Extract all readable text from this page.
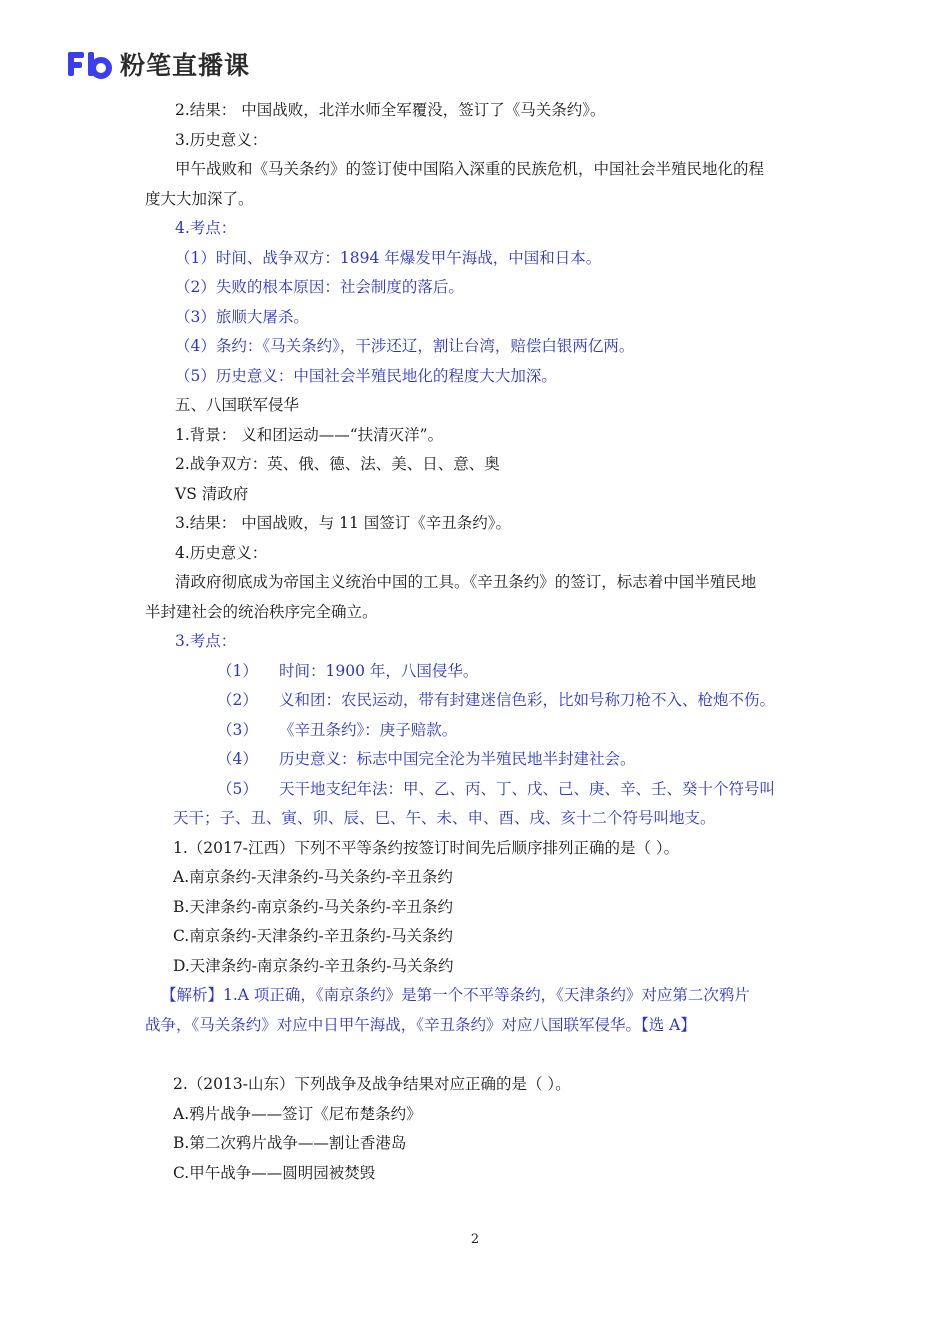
粉笔直播课
2.结果： 中国战败，北洋水师全军覆没，签订了《马关条约》。
3.历史意义：
甲午战败和《马关条约》的签订使中国陷入深重的民族危机，中国社会半殖民地化的程
度大大加深了。
4.考点：
（1）时间、战争双方：1894 年爆发甲午海战，中国和日本。
（2）失败的根本原因：社会制度的落后。
（3）旅顺大屠杀。
（4）条约：《马关条约》，干涉还辽，割让台湾，赔偿白银两亿两。
（5）历史意义：中国社会半殖民地化的程度大大加深。
五、八国联军侵华
1.背景： 义和团运动——“扶清灭洋”。
2.战争双方：英、俄、德、法、美、日、意、奥
VS 清政府
3.结果： 中国战败，与 11 国签订《辛丑条约》。
4.历史意义：
清政府彻底成为帝国主义统治中国的工具。《辛丑条约》的签订，标志着中国半殖民地
半封建社会的统治秩序完全确立。
3.考点：
（1） 时间：1900 年，八国侵华。
（2） 义和团：农民运动，带有封建迷信色彩，比如号称刀枪不入、枪炮不伤。
（3） 《辛丑条约》：庚子赔款。
（4） 历史意义：标志中国完全沦为半殖民地半封建社会。
（5） 天干地支纪年法：甲、乙、丙、丁、戊、己、庚、辛、壬、癸十个符号叫
天干；子、丑、寅、卯、辰、巳、午、未、申、酉、戌、亥十二个符号叫地支。
1.（2017-江西）下列不平等条约按签订时间先后顺序排列正确的是（ ）。
A.南京条约-天津条约-马关条约-辛丑条约
B.天津条约-南京条约-马关条约-辛丑条约
C.南京条约-天津条约-辛丑条约-马关条约
D.天津条约-南京条约-辛丑条约-马关条约
【解析】1.A 项正确，《南京条约》是第一个不平等条约，《天津条约》对应第二次鸦片
战争，《马关条约》对应中日甲午海战，《辛丑条约》对应八国联军侵华。【选 A】
2.（2013-山东）下列战争及战争结果对应正确的是（ ）。
A.鸦片战争——签订《尼布楚条约》
B.第二次鸦片战争——割让香港岛
C.甲午战争——圆明园被焚毁
2
